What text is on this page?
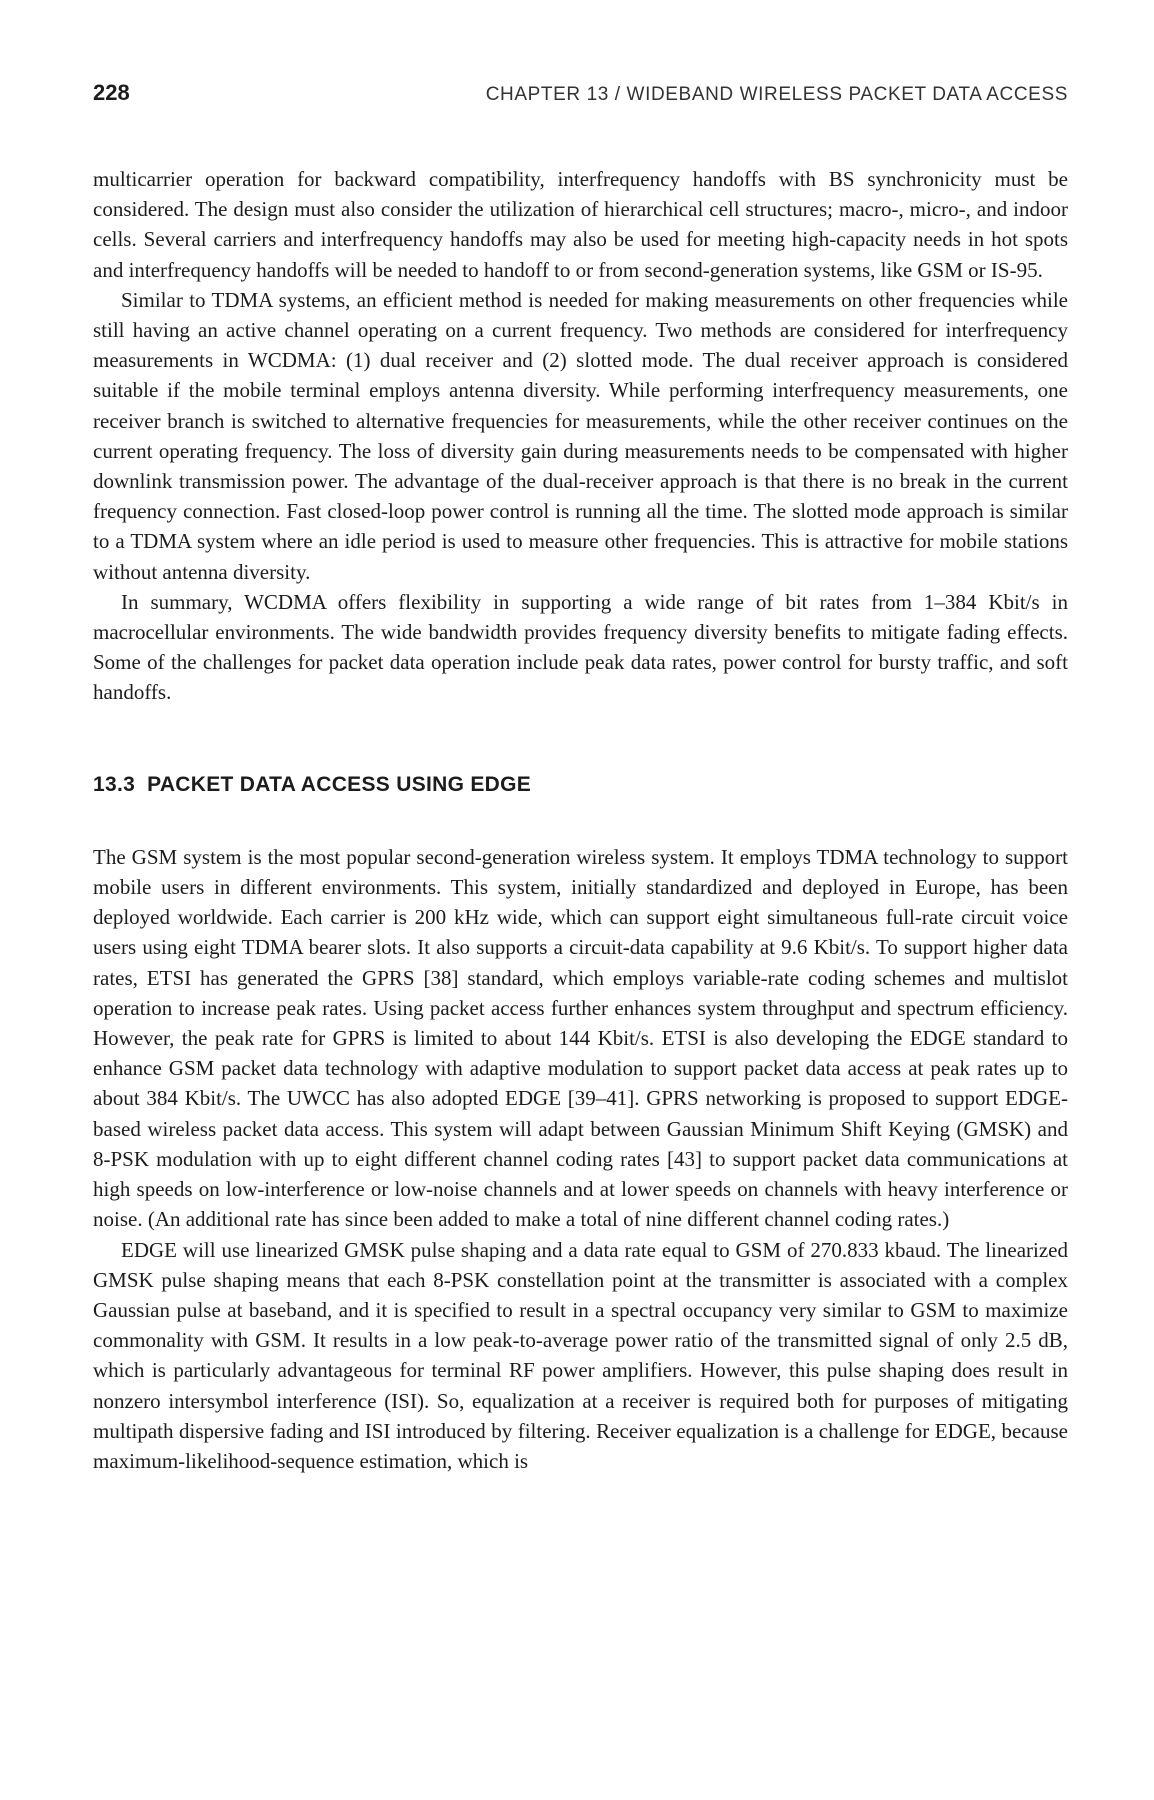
228	CHAPTER 13 / WIDEBAND WIRELESS PACKET DATA ACCESS

multicarrier operation for backward compatibility, interfrequency handoffs with BS synchronicity must be considered. The design must also consider the utilization of hierarchical cell structures; macro-, micro-, and indoor cells. Several carriers and interfrequency handoffs may also be used for meeting high-capacity needs in hot spots and interfrequency handoffs will be needed to handoff to or from second-generation systems, like GSM or IS-95.

Similar to TDMA systems, an efficient method is needed for making measurements on other frequencies while still having an active channel operating on a current frequency. Two methods are considered for interfrequency measurements in WCDMA: (1) dual receiver and (2) slotted mode. The dual receiver approach is considered suitable if the mobile terminal employs antenna diversity. While performing interfrequency measurements, one receiver branch is switched to alternative frequencies for measurements, while the other receiver continues on the current operating frequency. The loss of diversity gain during measurements needs to be compensated with higher downlink transmission power. The advantage of the dual-receiver approach is that there is no break in the current frequency connection. Fast closed-loop power control is running all the time. The slotted mode approach is similar to a TDMA system where an idle period is used to measure other frequencies. This is attractive for mobile stations without antenna diversity.

In summary, WCDMA offers flexibility in supporting a wide range of bit rates from 1–384 Kbit/s in macrocellular environments. The wide bandwidth provides frequency diversity benefits to mitigate fading effects. Some of the challenges for packet data operation include peak data rates, power control for bursty traffic, and soft handoffs.

13.3 PACKET DATA ACCESS USING EDGE

The GSM system is the most popular second-generation wireless system. It employs TDMA technology to support mobile users in different environments. This system, initially standardized and deployed in Europe, has been deployed worldwide. Each carrier is 200 kHz wide, which can support eight simultaneous full-rate circuit voice users using eight TDMA bearer slots. It also supports a circuit-data capability at 9.6 Kbit/s. To support higher data rates, ETSI has generated the GPRS [38] standard, which employs variable-rate coding schemes and multislot operation to increase peak rates. Using packet access further enhances system throughput and spectrum efficiency. However, the peak rate for GPRS is limited to about 144 Kbit/s. ETSI is also developing the EDGE standard to enhance GSM packet data technology with adaptive modulation to support packet data access at peak rates up to about 384 Kbit/s. The UWCC has also adopted EDGE [39–41]. GPRS networking is proposed to support EDGE-based wireless packet data access. This system will adapt between Gaussian Minimum Shift Keying (GMSK) and 8-PSK modulation with up to eight different channel coding rates [43] to support packet data communications at high speeds on low-interference or low-noise channels and at lower speeds on channels with heavy interference or noise. (An additional rate has since been added to make a total of nine different channel coding rates.)

EDGE will use linearized GMSK pulse shaping and a data rate equal to GSM of 270.833 kbaud. The linearized GMSK pulse shaping means that each 8-PSK constellation point at the transmitter is associated with a complex Gaussian pulse at baseband, and it is specified to result in a spectral occupancy very similar to GSM to maximize commonality with GSM. It results in a low peak-to-average power ratio of the transmitted signal of only 2.5 dB, which is particularly advantageous for terminal RF power amplifiers. However, this pulse shaping does result in nonzero intersymbol interference (ISI). So, equalization at a receiver is required both for purposes of mitigating multipath dispersive fading and ISI introduced by filtering. Receiver equalization is a challenge for EDGE, because maximum-likelihood-sequence estimation, which is
